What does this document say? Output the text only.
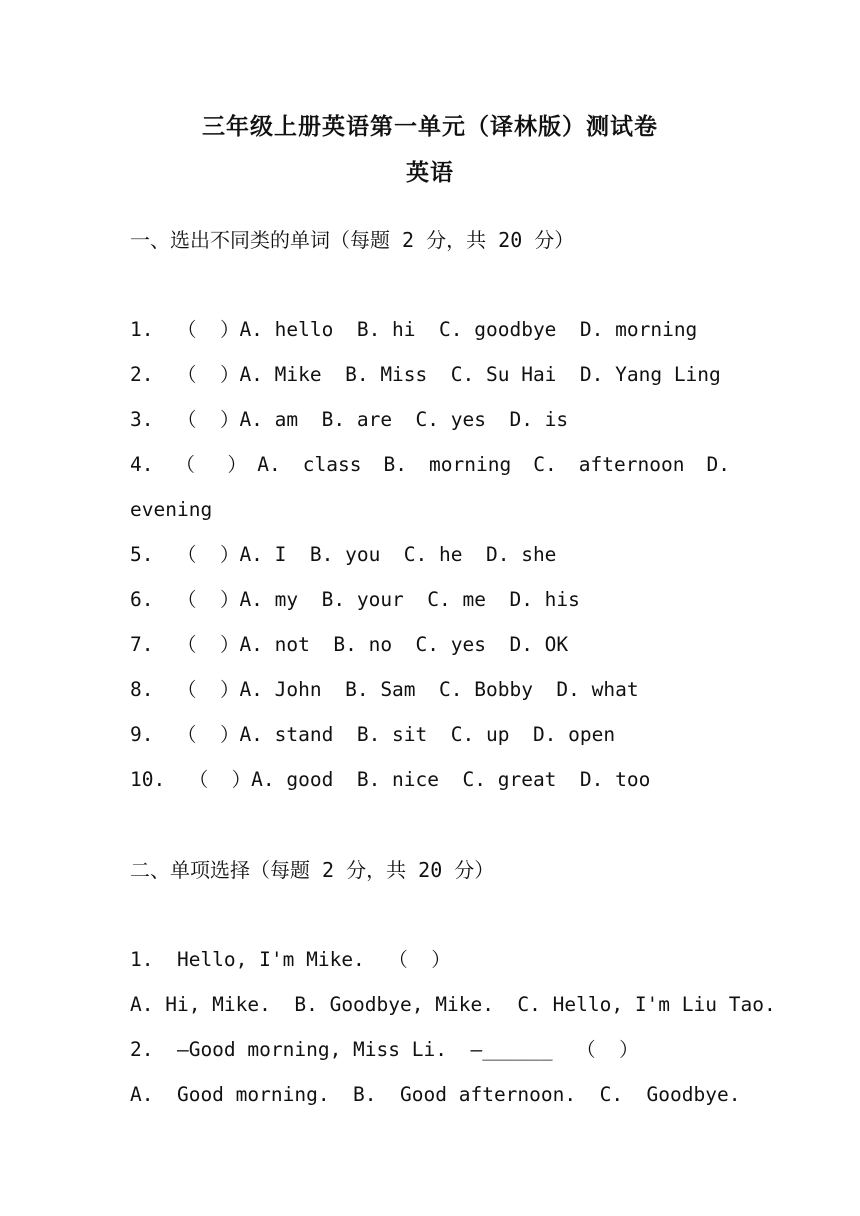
三年级上册英语第一单元（译林版）测试卷
英语
一、选出不同类的单词（每题 2 分，共 20 分）
1.  （  ）A. hello  B. hi  C. goodbye  D. morning
2.  （  ）A. Mike  B. Miss  C. Su Hai  D. Yang Ling
3.  （  ）A. am  B. are  C. yes  D. is
4. （ ）A. class B. morning C. afternoon D.
evening
5.  （  ）A. I  B. you  C. he  D. she
6.  （  ）A. my  B. your  C. me  D. his
7.  （  ）A. not  B. no  C. yes  D. OK
8.  （  ）A. John  B. Sam  C. Bobby  D. what
9.  （  ）A. stand  B. sit  C. up  D. open
10.  （  ）A. good  B. nice  C. great  D. too
二、单项选择（每题 2 分，共 20 分）
1.  Hello, I'm Mike.  （  ）
A. Hi, Mike.  B. Goodbye, Mike.  C. Hello, I'm Liu Tao.
2.  —Good morning, Miss Li.  —______  （  ）
A.  Good morning.  B.  Good afternoon.  C.  Goodbye.
